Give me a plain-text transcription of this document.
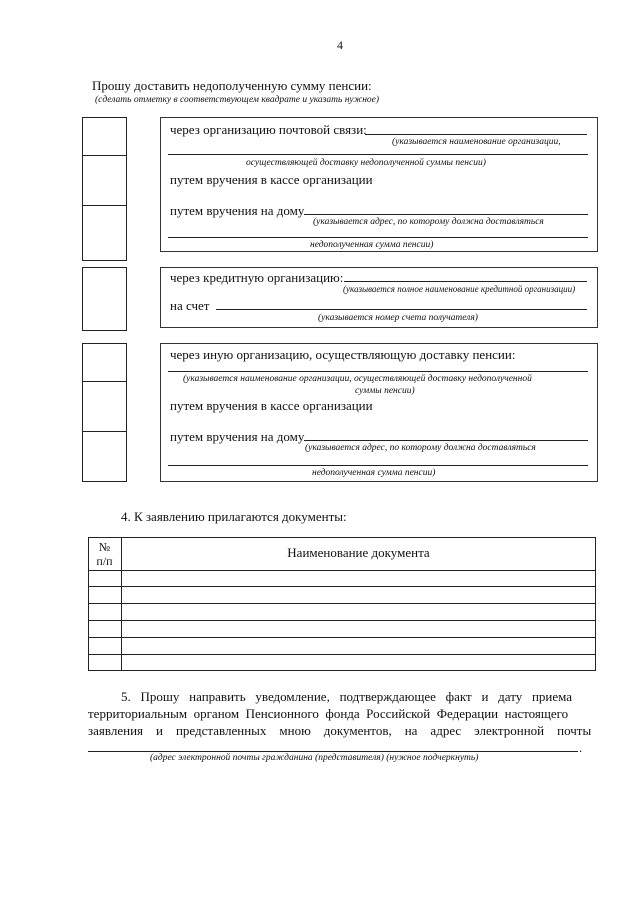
4
Прошу доставить недополученную сумму пенсии:
(сделать отметку в соответствующем квадрате и указать нужное)
через организацию почтовой связи:
(указывается наименование организации,
осуществляющей доставку недополученной суммы пенсии)
путем вручения в кассе организации
путем вручения на дому
(указывается адрес, по которому должна доставляться
недополученная сумма пенсии)
через кредитную организацию:
(указывается полное наименование кредитной организации)
на счет
(указывается номер счета получателя)
через иную организацию, осуществляющую доставку пенсии:
(указывается наименование организации, осуществляющей доставку недополученной
суммы пенсии)
путем вручения в кассе организации
путем вручения на дому
(указывается адрес, по которому должна доставляться
недополученная сумма пенсии)
4. К заявлению прилагаются документы:
№
п/п
Наименование документа
5.   Прошу   направить   уведомление,   подтверждающее   факт   и   дату   приема
территориальным  органом  Пенсионного  фонда  Российской  Федерации  настоящего
заявления    и    представленных    мною    документов,    на    адрес    электронной    почты
.
(адрес электронной почты гражданина (представителя) (нужное подчеркнуть)
